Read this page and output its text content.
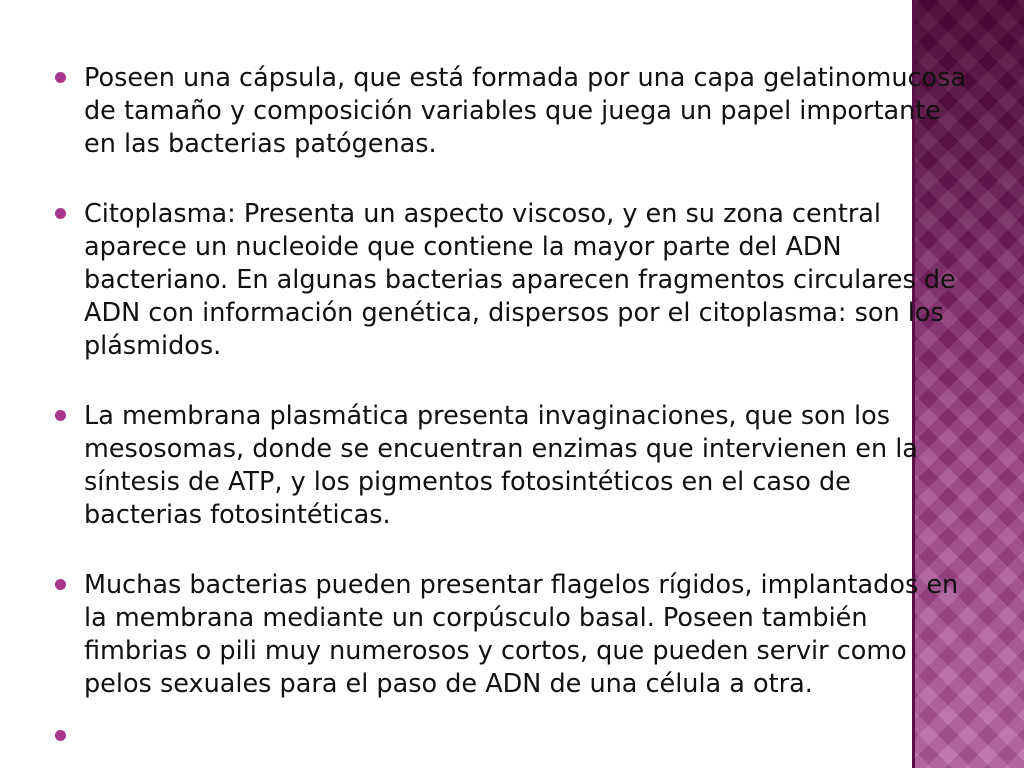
Poseen una cápsula, que está formada por una capa gelatinomucosa de tamaño y composición variables que juega un papel importante en las bacterias patógenas.
Citoplasma: Presenta un aspecto viscoso, y en su zona central aparece un nucleoide que contiene la mayor parte del ADN bacteriano. En algunas bacterias aparecen fragmentos circulares de ADN con información genética, dispersos por el citoplasma: son los plásmidos.
La membrana plasmática presenta invaginaciones, que son los mesosomas, donde se encuentran enzimas que intervienen en la síntesis de ATP, y los pigmentos fotosintéticos en el caso de bacterias fotosintéticas.
Muchas bacterias pueden presentar flagelos rígidos, implantados en la membrana mediante un corpúsculo basal. Poseen también fimbrias o pili muy numerosos y cortos, que pueden servir como pelos sexuales para el paso de ADN de una célula a otra.
